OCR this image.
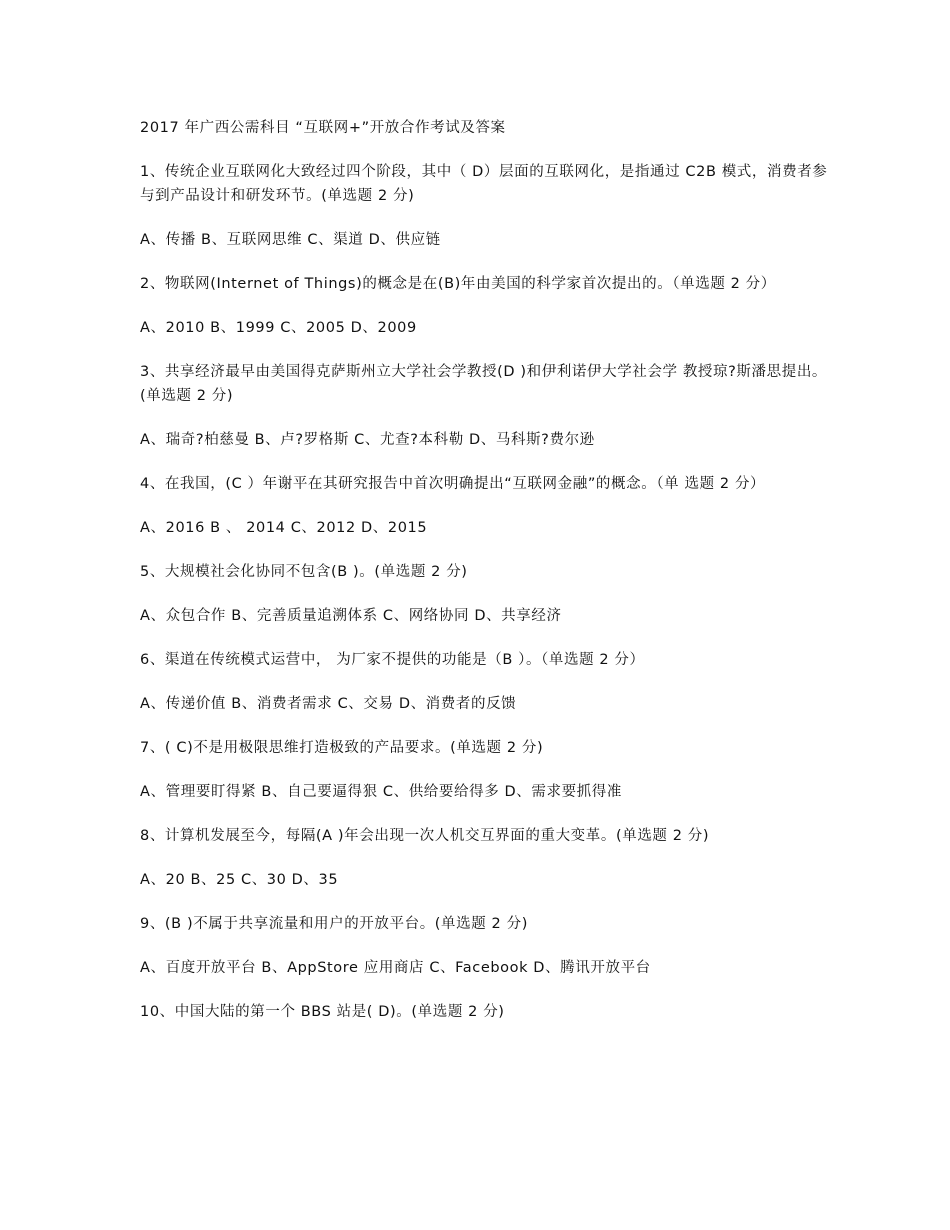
2017 年广西公需科目 “互联网+”开放合作考试及答案
1、传统企业互联网化大致经过四个阶段，其中（ D）层面的互联网化，是指通过 C2B 模式，消费者参与到产品设计和研发环节。(单选题 2 分)
A、传播 B、互联网思维 C、渠道 D、供应链
2、物联网(Internet of Things)的概念是在(B)年由美国的科学家首次提出的。（单选题 2 分）
A、2010 B、1999 C、2005 D、2009
3、共享经济最早由美国得克萨斯州立大学社会学教授(D )和伊利诺伊大学社会学 教授琼?斯潘思提出。(单选题 2 分)
A、瑞奇?柏慈曼 B、卢?罗格斯 C、尤查?本科勒 D、马科斯?费尔逊
4、在我国，(C ）年谢平在其研究报告中首次明确提出“互联网金融”的概念。（单 选题 2 分）
A、2016 B 、 2014 C、2012 D、2015
5、大规模社会化协同不包含(B )。(单选题 2 分)
A、众包合作 B、完善质量追溯体系 C、网络协同 D、共享经济
6、渠道在传统模式运营中， 为厂家不提供的功能是（B ）。（单选题 2 分）
A、传递价值 B、消费者需求 C、交易 D、消费者的反馈
7、( C)不是用极限思维打造极致的产品要求。(单选题 2 分)
A、管理要盯得紧 B、自己要逼得狠 C、供给要给得多 D、需求要抓得准
8、计算机发展至今，每隔(A )年会出现一次人机交互界面的重大变革。(单选题 2 分)
A、20 B、25 C、30 D、35
9、(B )不属于共享流量和用户的开放平台。(单选题 2 分)
A、百度开放平台 B、AppStore 应用商店 C、Facebook D、腾讯开放平台
10、中国大陆的第一个 BBS 站是( D)。(单选题 2 分)
